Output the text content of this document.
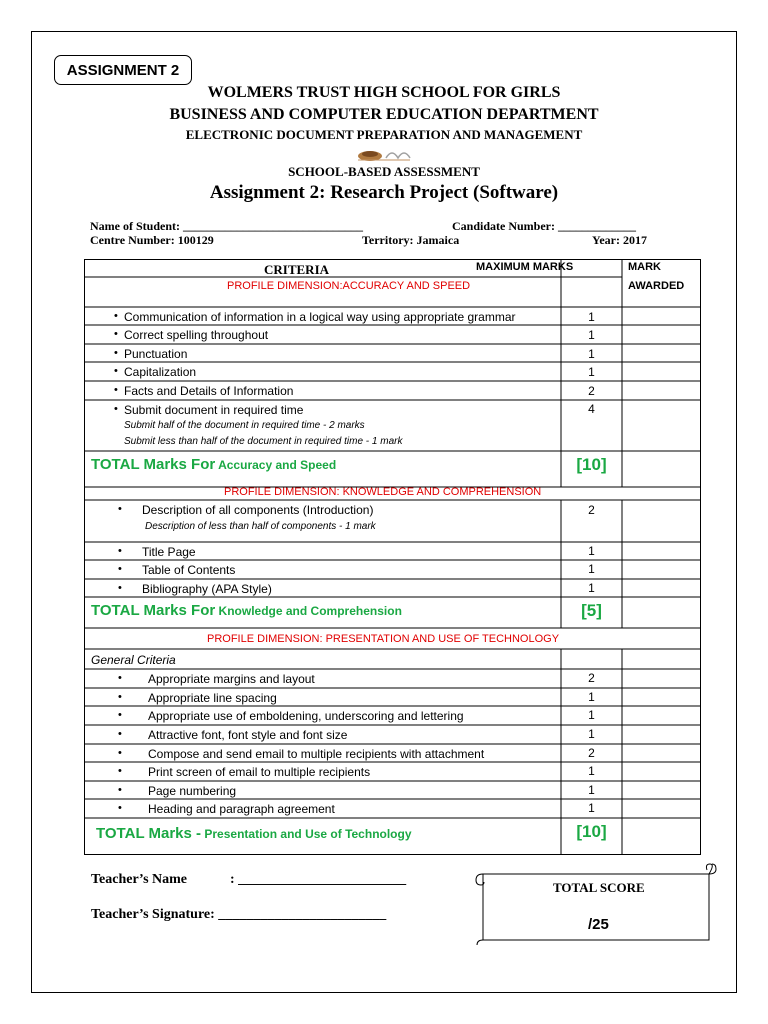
ASSIGNMENT 2
WOLMERS TRUST HIGH SCHOOL FOR GIRLS
BUSINESS AND COMPUTER EDUCATION DEPARTMENT
ELECTRONIC DOCUMENT PREPARATION AND MANAGEMENT
SCHOOL-BASED ASSESSMENT
Assignment 2: Research Project (Software)
Name of Student: ______________________________	Candidate Number: _____________
Centre Number: 100129	Territory: Jamaica	Year: 2017
CRITERIA	MAXIMUM MARKS	MARK
AWARDED
PROFILE DIMENSION:ACCURACY AND SPEED
• Communication of information in a logical way using appropriate grammar	1
• Correct spelling throughout	1
• Punctuation	1
• Capitalization	1
• Facts and Details of Information	2
• Submit document in required time	4
Submit half of the document in required time - 2 marks
Submit less than half of the document in required time - 1 mark
TOTAL Marks For Accuracy and Speed	[10]
PROFILE DIMENSION: KNOWLEDGE AND COMPREHENSION
• Description of all components (Introduction)	2
Description of less than half of components - 1 mark
• Title Page	1
• Table of Contents	1
• Bibliography (APA Style)	1
TOTAL Marks For Knowledge and Comprehension	[5]
PROFILE DIMENSION: PRESENTATION AND USE OF TECHNOLOGY
General Criteria
• Appropriate margins and layout	2
• Appropriate line spacing	1
• Appropriate use of emboldening, underscoring and lettering	1
• Attractive font, font style and font size	1
• Compose and send email to multiple recipients with attachment	2
• Print screen of email to multiple recipients	1
• Page numbering	1
• Heading and paragraph agreement	1
TOTAL Marks - Presentation and Use of Technology	[10]
Teacher’s Name	: ________________________
Teacher’s Signature: ________________________
TOTAL SCORE
/25
